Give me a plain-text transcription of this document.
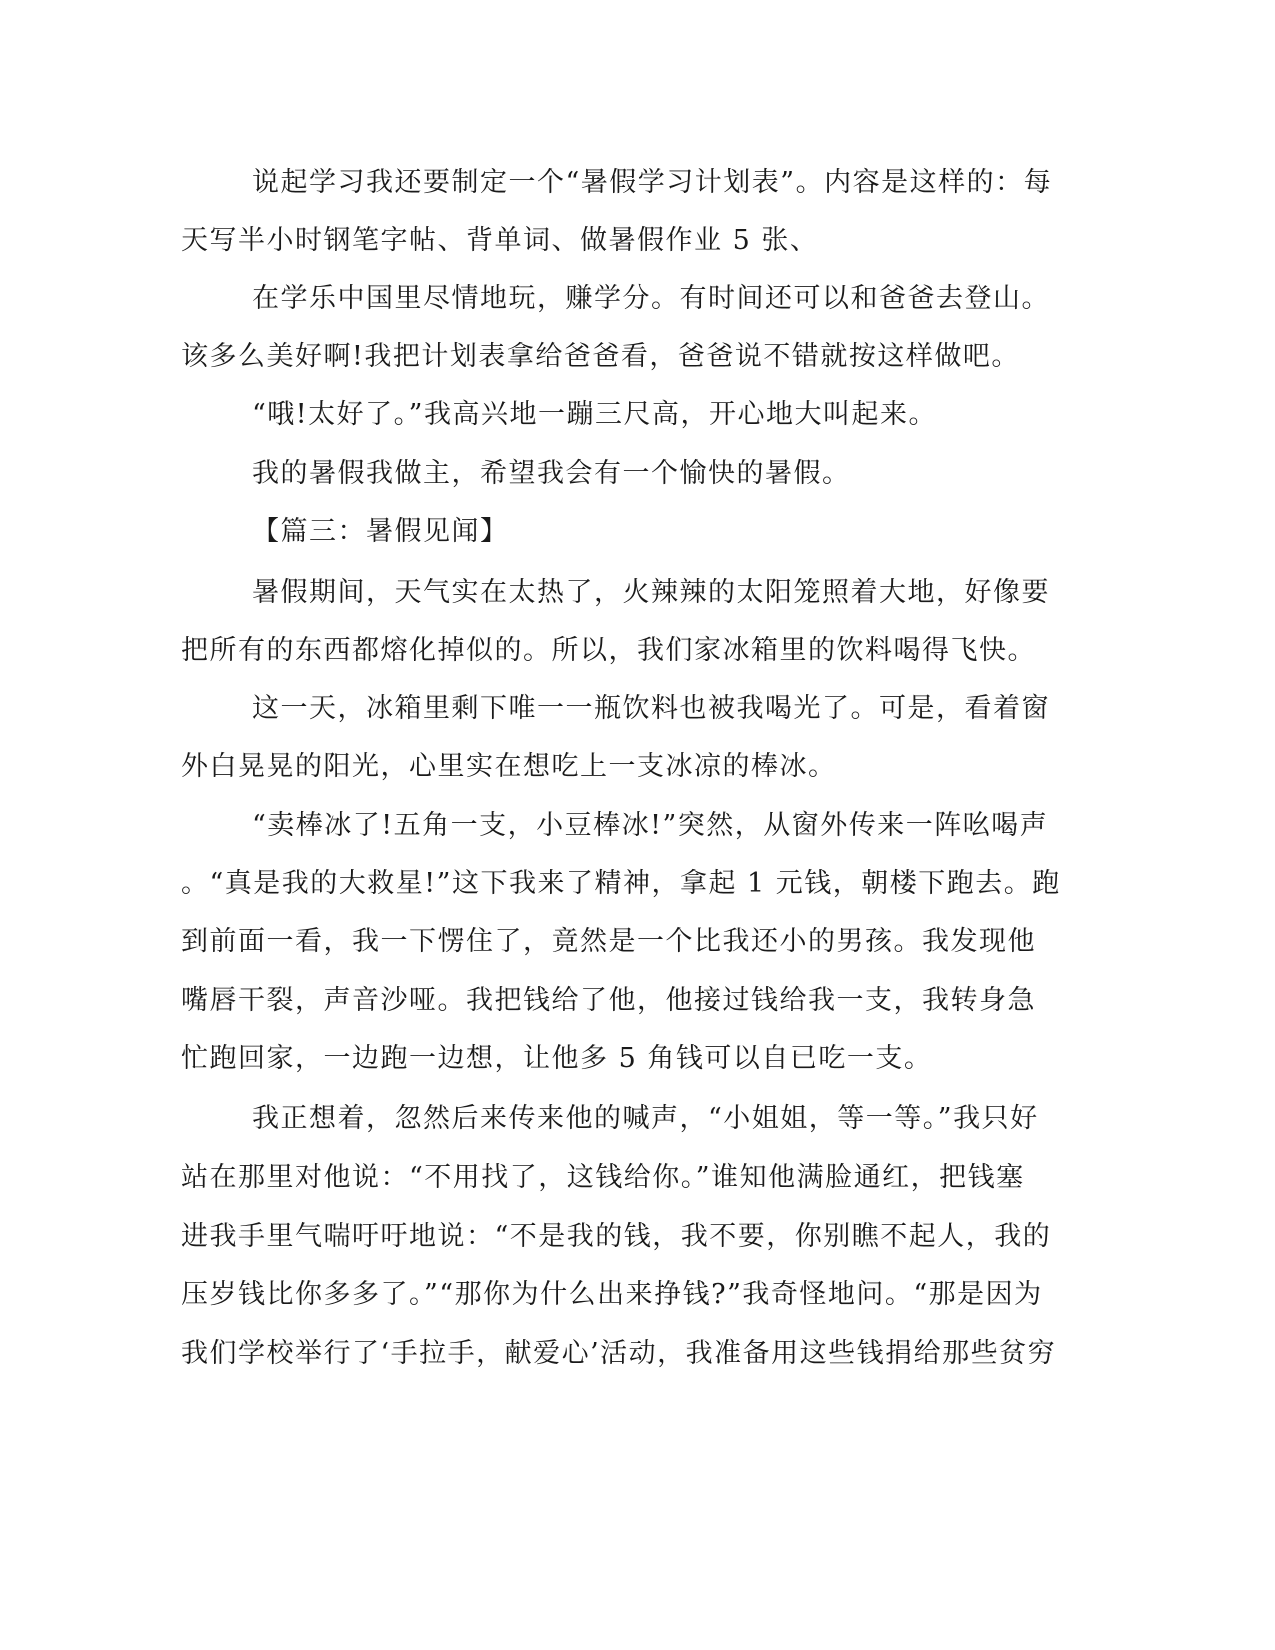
说起学习我还要制定一个“暑假学习计划表”。内容是这样的：每
天写半小时钢笔字帖、背单词、做暑假作业 5 张、
在学乐中国里尽情地玩，赚学分。有时间还可以和爸爸去登山。
该多么美好啊!我把计划表拿给爸爸看，爸爸说不错就按这样做吧。
“哦!太好了。”我高兴地一蹦三尺高，开心地大叫起来。
我的暑假我做主，希望我会有一个愉快的暑假。
【篇三：暑假见闻】
暑假期间，天气实在太热了，火辣辣的太阳笼照着大地，好像要
把所有的东西都熔化掉似的。所以，我们家冰箱里的饮料喝得飞快。
这一天，冰箱里剩下唯一一瓶饮料也被我喝光了。可是，看着窗
外白晃晃的阳光，心里实在想吃上一支冰凉的棒冰。
“卖棒冰了!五角一支，小豆棒冰!”突然，从窗外传来一阵吆喝声
。“真是我的大救星!”这下我来了精神，拿起 1 元钱，朝楼下跑去。跑
到前面一看，我一下愣住了，竟然是一个比我还小的男孩。我发现他
嘴唇干裂，声音沙哑。我把钱给了他，他接过钱给我一支，我转身急
忙跑回家，一边跑一边想，让他多 5 角钱可以自已吃一支。
我正想着，忽然后来传来他的喊声，“小姐姐，等一等。”我只好
站在那里对他说：“不用找了，这钱给你。”谁知他满脸通红，把钱塞
进我手里气喘吁吁地说：“不是我的钱，我不要，你别瞧不起人，我的
压岁钱比你多多了。”“那你为什么出来挣钱?”我奇怪地问。“那是因为
我们学校举行了‘手拉手，献爱心’活动，我准备用这些钱捐给那些贫穷
